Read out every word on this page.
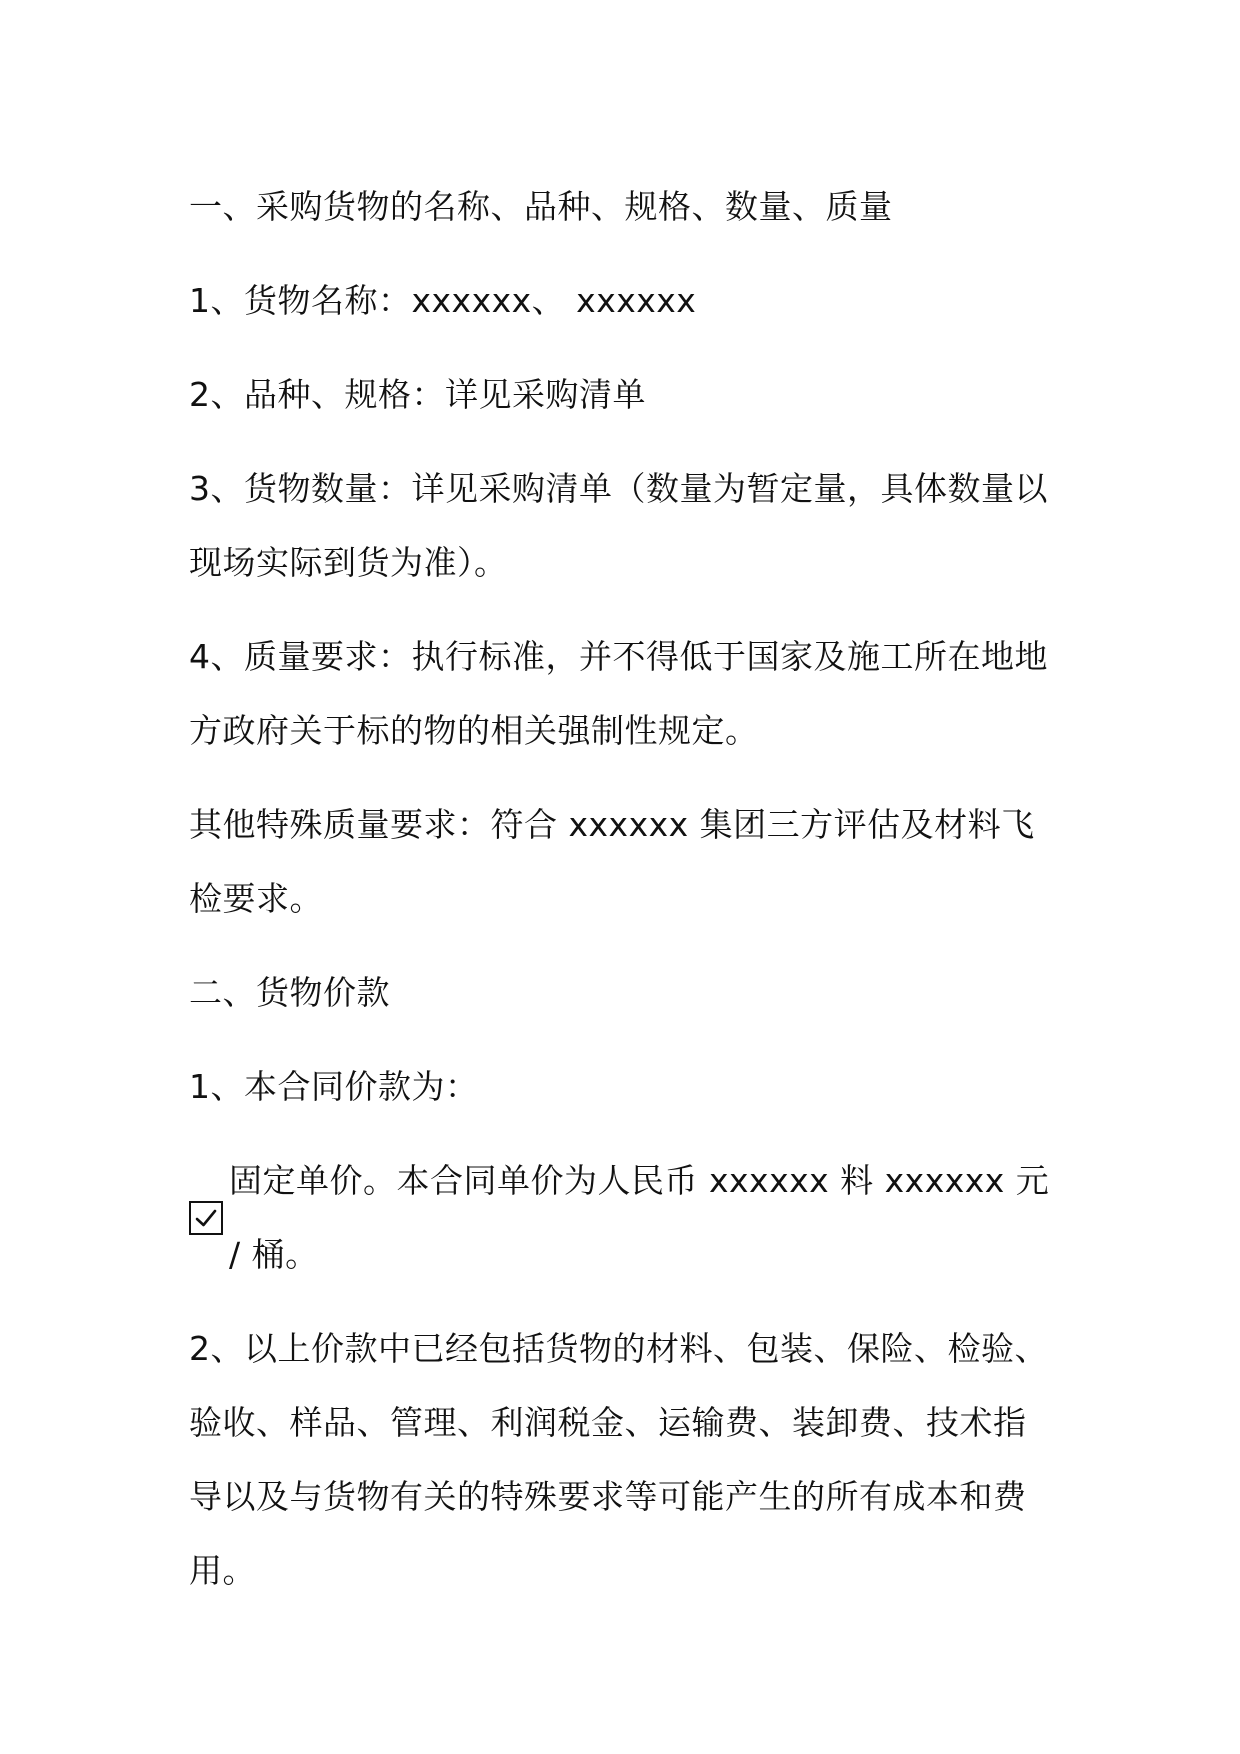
一、采购货物的名称、品种、规格、数量、质量

1、货物名称：xxxxxx、 xxxxxx

2、品种、规格：详见采购清单

3、货物数量：详见采购清单（数量为暂定量，具体数量以现场实际到货为准）。

4、质量要求：执行标准，并不得低于国家及施工所在地地方政府关于标的物的相关强制性规定。

其他特殊质量要求：符合 xxxxxx 集团三方评估及材料飞检要求。

二、货物价款

1、本合同价款为：

固定单价。本合同单价为人民币 xxxxxx 料 xxxxxx 元 / 桶。

2、以上价款中已经包括货物的材料、包装、保险、检验、验收、样品、管理、利润税金、运输费、装卸费、技术指导以及与货物有关的特殊要求等可能产生的所有成本和费用。
